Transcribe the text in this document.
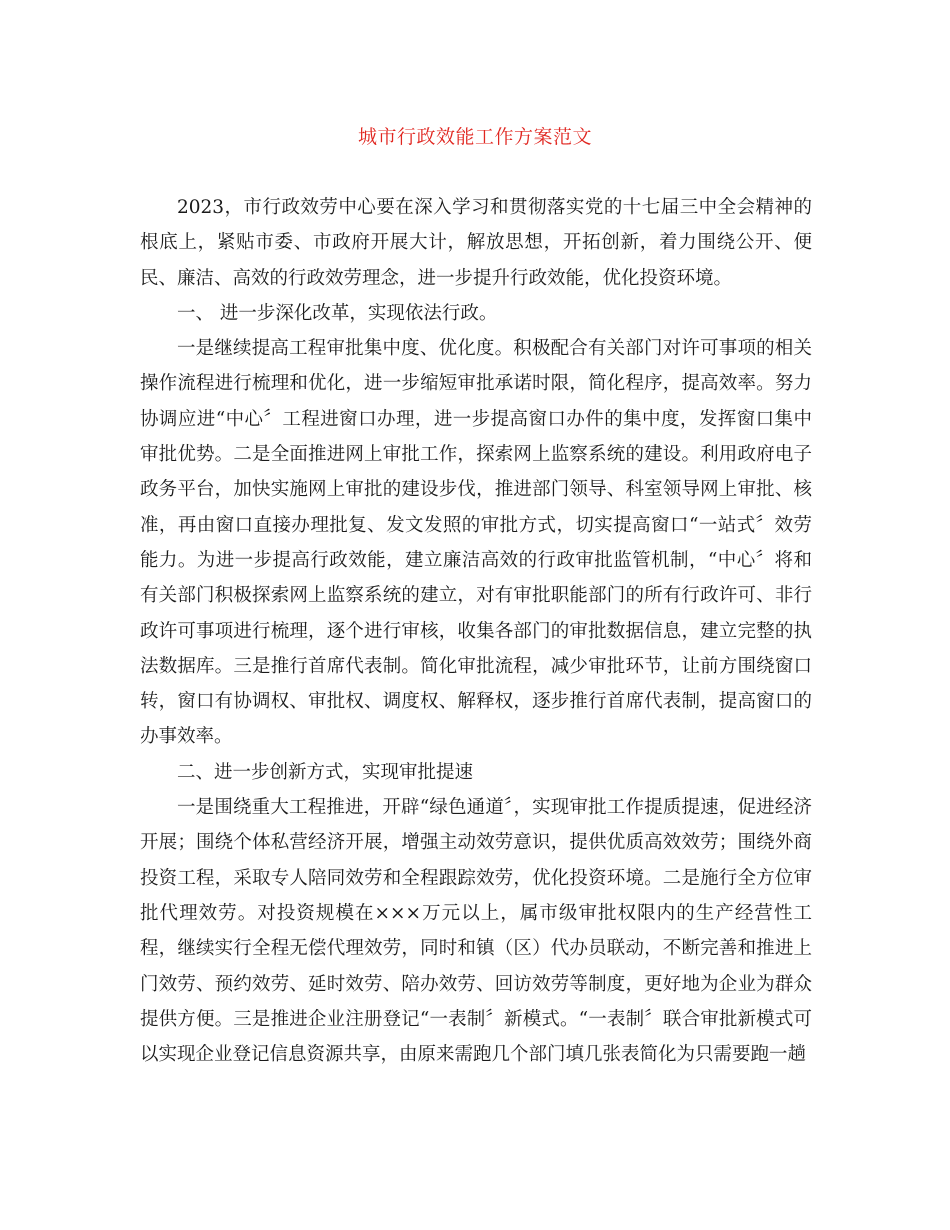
城市行政效能工作方案范文

2023，市行政效劳中心要在深入学习和贯彻落实党的十七届三中全会精神的根底上，紧贴市委、市政府开展大计，解放思想，开拓创新，着力围绕公开、便民、廉洁、高效的行政效劳理念，进一步提升行政效能，优化投资环境。

一、 进一步深化改革，实现依法行政。

一是继续提高工程审批集中度、优化度。积极配合有关部门对许可事项的相关操作流程进行梳理和优化，进一步缩短审批承诺时限，简化程序，提高效率。努力协调应进“中心〞工程进窗口办理，进一步提高窗口办件的集中度，发挥窗口集中审批优势。二是全面推进网上审批工作，探索网上监察系统的建设。利用政府电子政务平台，加快实施网上审批的建设步伐，推进部门领导、科室领导网上审批、核准，再由窗口直接办理批复、发文发照的审批方式，切实提高窗口“一站式〞效劳能力。为进一步提高行政效能，建立廉洁高效的行政审批监管机制，“中心〞将和有关部门积极探索网上监察系统的建立，对有审批职能部门的所有行政许可、非行政许可事项进行梳理，逐个进行审核，收集各部门的审批数据信息，建立完整的执法数据库。三是推行首席代表制。简化审批流程，减少审批环节，让前方围绕窗口转，窗口有协调权、审批权、调度权、解释权，逐步推行首席代表制，提高窗口的办事效率。

二、进一步创新方式，实现审批提速

一是围绕重大工程推进，开辟“绿色通道〞，实现审批工作提质提速，促进经济开展；围绕个体私营经济开展，增强主动效劳意识，提供优质高效效劳；围绕外商投资工程，采取专人陪同效劳和全程跟踪效劳，优化投资环境。二是施行全方位审批代理效劳。对投资规模在×××万元以上，属市级审批权限内的生产经营性工程，继续实行全程无偿代理效劳，同时和镇（区）代办员联动，不断完善和推进上门效劳、预约效劳、延时效劳、陪办效劳、回访效劳等制度，更好地为企业为群众提供方便。三是推进企业注册登记“一表制〞新模式。“一表制〞联合审批新模式可以实现企业登记信息资源共享，由原来需跑几个部门填几张表简化为只需要跑一趟
